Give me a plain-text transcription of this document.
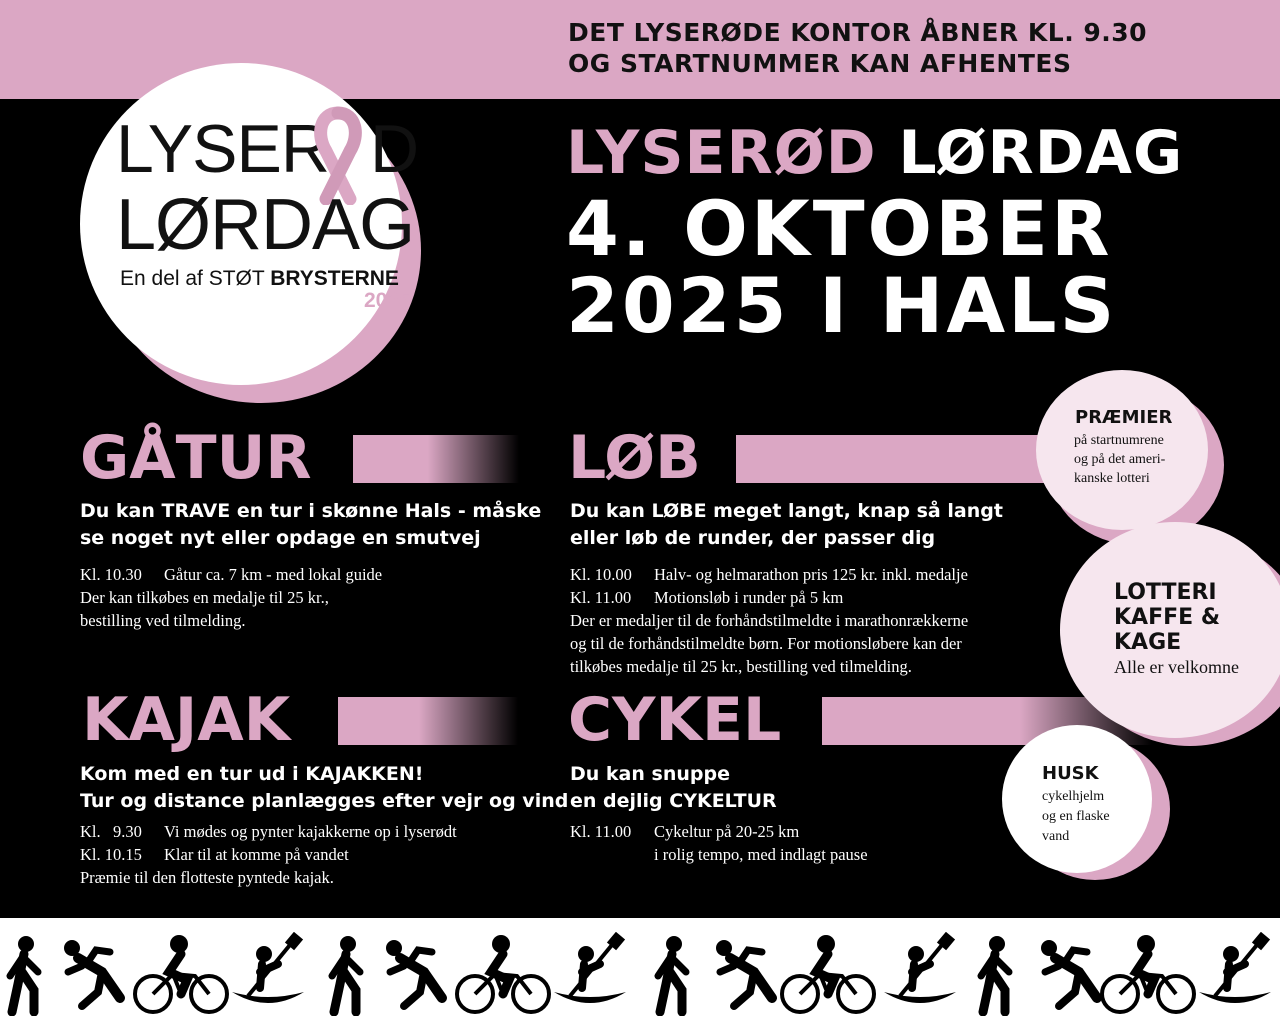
DET LYSERØDE KONTOR ÅBNER KL. 9.30
OG STARTNUMMER KAN AFHENTES
LYSER D
LØRDAG
En del af STØT BRYSTERNE
2025
LYSERØD LØRDAG
4. OKTOBER
2025 I HALS
GÅTUR
Du kan TRAVE en tur i skønne Hals - måske
se noget nyt eller opdage en smutvej
Kl. 10.30 Gåtur ca. 7 km - med lokal guide
Der kan tilkøbes en medalje til 25 kr.,
bestilling ved tilmelding.
LØB
Du kan LØBE meget langt, knap så langt
eller løb de runder, der passer dig
Kl. 10.00 Halv- og helmarathon pris 125 kr. inkl. medalje
Kl. 11.00 Motionsløb i runder på 5 km
Der er medaljer til de forhåndstilmeldte i marathonrækkerne
og til de forhåndstilmeldte børn. For motionsløbere kan der
tilkøbes medalje til 25 kr., bestilling ved tilmelding.
KAJAK
Kom med en tur ud i KAJAKKEN!
Tur og distance planlægges efter vejr og vind
Kl.   9.30 Vi mødes og pynter kajakkerne op i lyserødt
Kl. 10.15 Klar til at komme på vandet
Præmie til den flotteste pyntede kajak.
CYKEL
Du kan snuppe
en dejlig CYKELTUR
Kl. 11.00 Cykeltur på 20-25 km
i rolig tempo, med indlagt pause
PRÆMIER
på startnumrene
og på det ameri-
kanske lotteri
LOTTERI
KAFFE &
KAGE
Alle er velkomne
HUSK
cykelhjelm
og en flaske
vand
